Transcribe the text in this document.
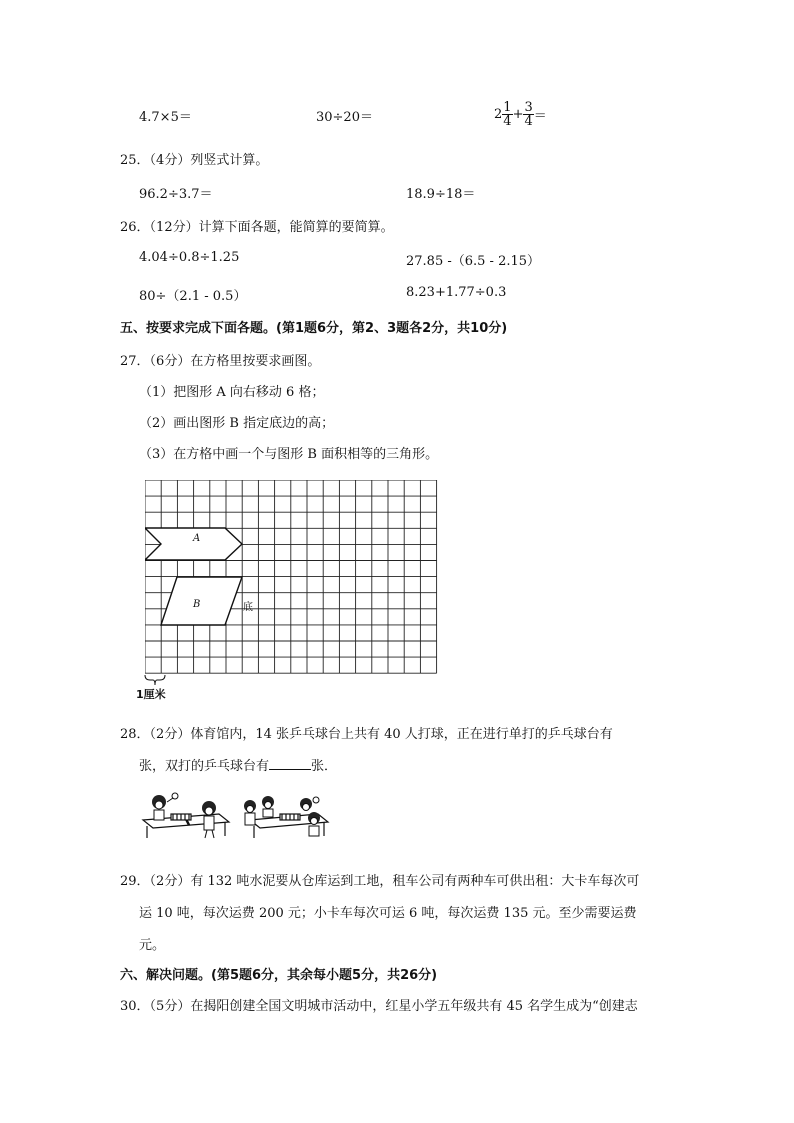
4.7×5＝	30÷20＝	$2 \frac{1}{4} + \frac{3}{4}$ ＝
25．（4分）列竖式计算。
96.2÷3.7＝	18.9÷18＝
26．（12分）计算下面各题，能简算的要简算。
4.04÷0.8÷1.25	27.85 -（6.5 - 2.15）
80÷（2.1 - 0.5）	8.23+1.77÷0.3
五、按要求完成下面各题。(第1题6分，第2、3题各2分，共10分)
27．（6分）在方格里按要求画图。
（1）把图形 A 向右移动 6 格；
（2）画出图形 B 指定底边的高；
（3）在方格中画一个与图形 B 面积相等的三角形。
A
B	底
1厘米
28．（2分）体育馆内，14 张乒乓球台上共有 40 人打球，正在进行单打的乒乓球台有
张，双打的乒乓球台有	张．
29．（2分）有 132 吨水泥要从仓库运到工地，租车公司有两种车可供出租：大卡车每次可
运 10 吨，每次运费 200 元；小卡车每次可运 6 吨，每次运费 135 元。至少需要运费
元。
六、解决问题。(第5题6分，其余每小题5分，共26分)
30．（5分）在揭阳创建全国文明城市活动中，红星小学五年级共有 45 名学生成为“创建志
